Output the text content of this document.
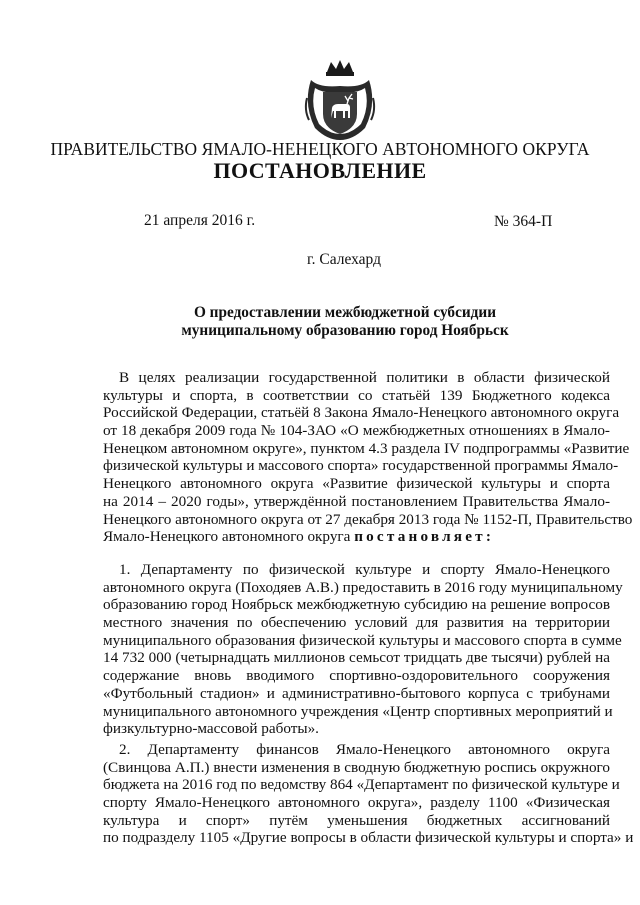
ПРАВИТЕЛЬСТВО ЯМАЛО-НЕНЕЦКОГО АВТОНОМНОГО ОКРУГА
ПОСТАНОВЛЕНИЕ
21 апреля 2016 г.	№ 364-П
г. Салехард
О предоставлении межбюджетной субсидии
муниципальному образованию город Ноябрьск
В целях реализации государственной политики в области физической
культуры и спорта, в соответствии со статьёй 139 Бюджетного кодекса
Российской Федерации, статьёй 8 Закона Ямало-Ненецкого автономного округа
от 18 декабря 2009 года № 104-ЗАО «О межбюджетных отношениях в Ямало-
Ненецком автономном округе», пунктом 4.3 раздела IV подпрограммы «Развитие
физической культуры и массового спорта» государственной программы Ямало-
Ненецкого автономного округа «Развитие физической культуры и спорта
на 2014 – 2020 годы», утверждённой постановлением Правительства Ямало-
Ненецкого автономного округа от 27 декабря 2013 года № 1152-П, Правительство
Ямало-Ненецкого автономного округа постановляет:
1. Департаменту по физической культуре и спорту Ямало-Ненецкого
автономного округа (Походяев А.В.) предоставить в 2016 году муниципальному
образованию город Ноябрьск межбюджетную субсидию на решение вопросов
местного значения по обеспечению условий для развития на территории
муниципального образования физической культуры и массового спорта в сумме
14 732 000 (четырнадцать миллионов семьсот тридцать две тысячи) рублей на
содержание вновь вводимого спортивно-оздоровительного сооружения
«Футбольный стадион» и административно-бытового корпуса с трибунами
муниципального автономного учреждения «Центр спортивных мероприятий и
физкультурно-массовой работы».
2. Департаменту финансов Ямало-Ненецкого автономного округа
(Свинцова А.П.) внести изменения в сводную бюджетную роспись окружного
бюджета на 2016 год по ведомству 864 «Департамент по физической культуре и
спорту Ямало-Ненецкого автономного округа», разделу 1100 «Физическая
культура и спорт» путём уменьшения бюджетных ассигнований
по подразделу 1105 «Другие вопросы в области физической культуры и спорта» и
